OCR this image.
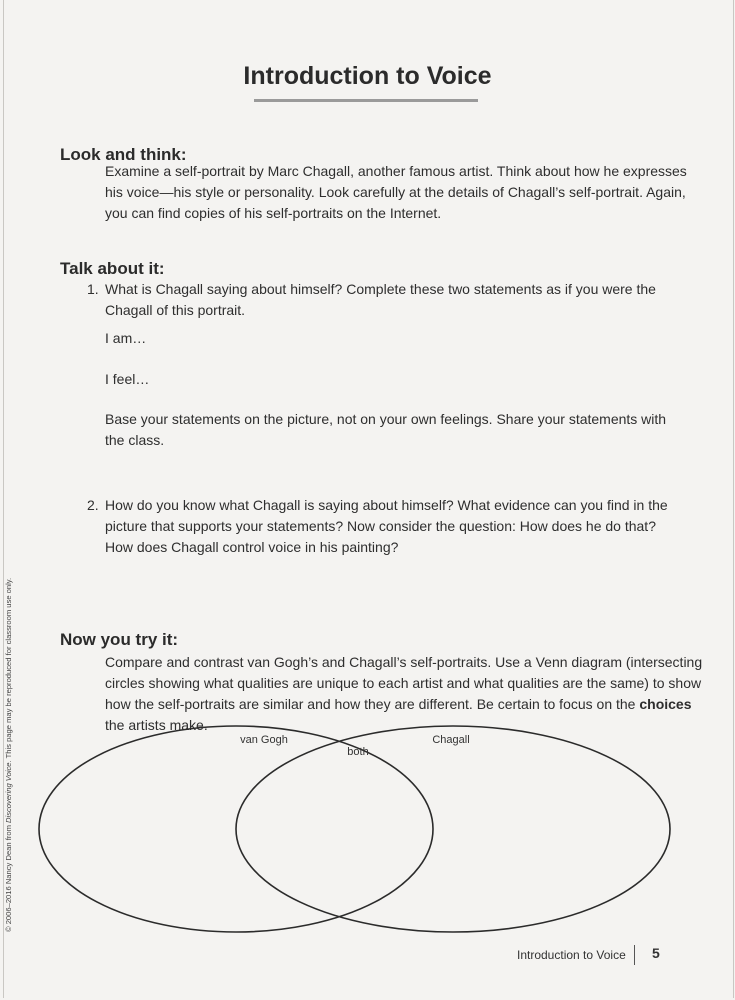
Introduction to Voice
Look and think:
Examine a self-portrait by Marc Chagall, another famous artist. Think about how he expresses
his voice—his style or personality. Look carefully at the details of Chagall’s self-portrait. Again,
you can find copies of his self-portraits on the Internet.
Talk about it:
1. What is Chagall saying about himself? Complete these two statements as if you were the
Chagall of this portrait.
I am…
I feel…
Base your statements on the picture, not on your own feelings. Share your statements with
the class.
2. How do you know what Chagall is saying about himself? What evidence can you find in the
picture that supports your statements? Now consider the question: How does he do that?
How does Chagall control voice in his painting?
Now you try it:
Compare and contrast van Gogh’s and Chagall’s self-portraits. Use a Venn diagram (intersecting
circles showing what qualities are unique to each artist and what qualities are the same) to show
how the self-portraits are similar and how they are different. Be certain to focus on the choices
the artists make.
van Gogh
both
Chagall
© 2006–2016 Nancy Dean from Discovering Voice. This page may be reproduced for classroom use only.
Introduction to Voice 5
